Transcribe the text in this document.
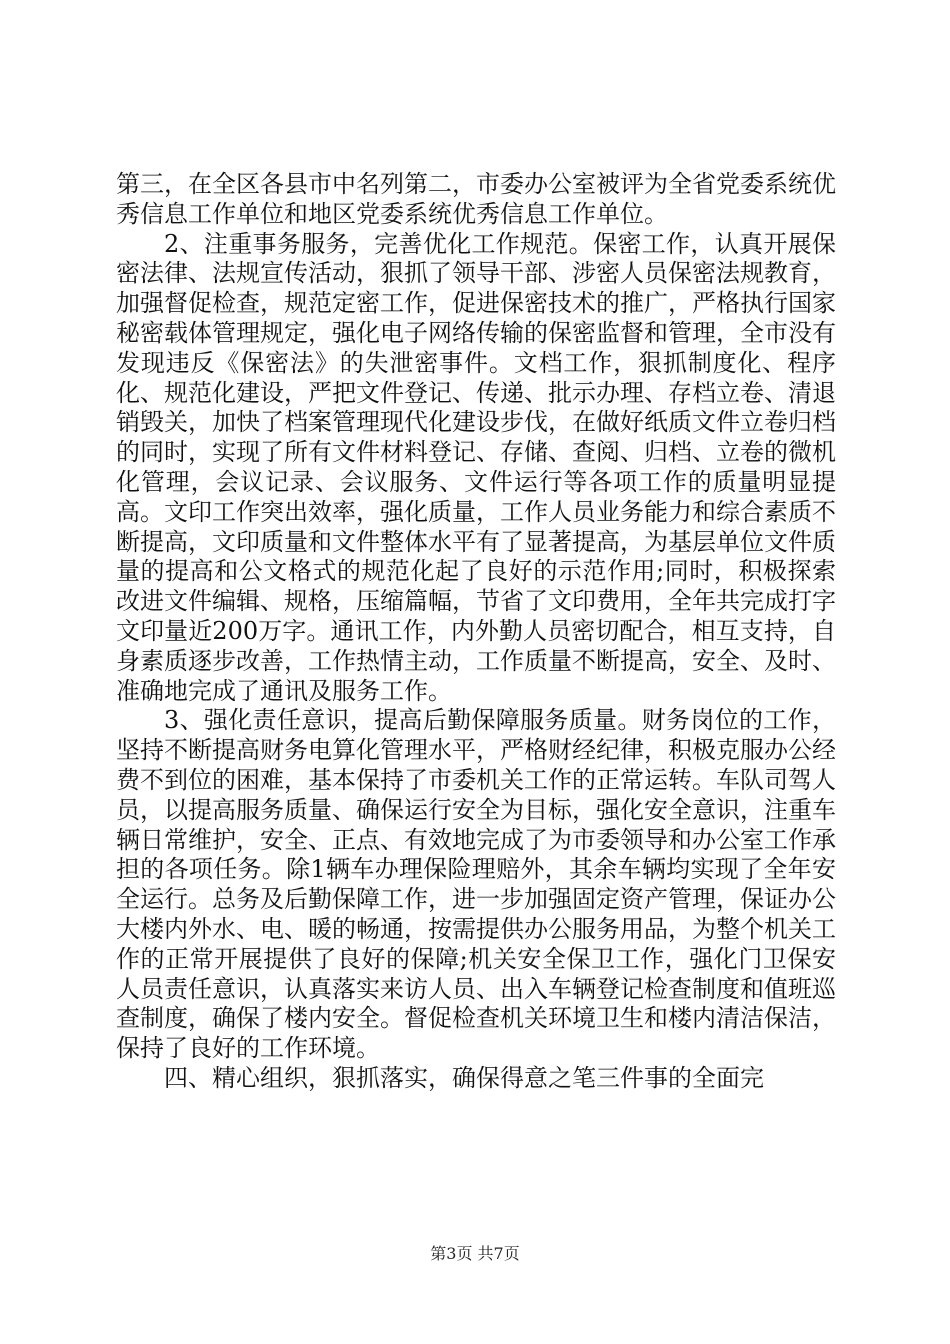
第三，在全区各县市中名列第二，市委办公室被评为全省党委系统优秀信息工作单位和地区党委系统优秀信息工作单位。

2、注重事务服务，完善优化工作规范。保密工作，认真开展保密法律、法规宣传活动，狠抓了领导干部、涉密人员保密法规教育，加强督促检查，规范定密工作，促进保密技术的推广，严格执行国家秘密载体管理规定，强化电子网络传输的保密监督和管理，全市没有发现违反《保密法》的失泄密事件。文档工作，狠抓制度化、程序化、规范化建设，严把文件登记、传递、批示办理、存档立卷、清退销毁关，加快了档案管理现代化建设步伐，在做好纸质文件立卷归档的同时，实现了所有文件材料登记、存储、查阅、归档、立卷的微机化管理，会议记录、会议服务、文件运行等各项工作的质量明显提高。文印工作突出效率，强化质量，工作人员业务能力和综合素质不断提高，文印质量和文件整体水平有了显著提高，为基层单位文件质量的提高和公文格式的规范化起了良好的示范作用;同时，积极探索改进文件编辑、规格，压缩篇幅，节省了文印费用，全年共完成打字文印量近200万字。通讯工作，内外勤人员密切配合，相互支持，自身素质逐步改善，工作热情主动，工作质量不断提高，安全、及时、准确地完成了通讯及服务工作。

3、强化责任意识，提高后勤保障服务质量。财务岗位的工作，坚持不断提高财务电算化管理水平，严格财经纪律，积极克服办公经费不到位的困难，基本保持了市委机关工作的正常运转。车队司驾人员，以提高服务质量、确保运行安全为目标，强化安全意识，注重车辆日常维护，安全、正点、有效地完成了为市委领导和办公室工作承担的各项任务。除1辆车办理保险理赔外，其余车辆均实现了全年安全运行。总务及后勤保障工作，进一步加强固定资产管理，保证办公大楼内外水、电、暖的畅通，按需提供办公服务用品，为整个机关工作的正常开展提供了良好的保障;机关安全保卫工作，强化门卫保安人员责任意识，认真落实来访人员、出入车辆登记检查制度和值班巡查制度，确保了楼内安全。督促检查机关环境卫生和楼内清洁保洁，保持了良好的工作环境。

四、精心组织，狠抓落实，确保得意之笔三件事的全面完

第3页 共7页
